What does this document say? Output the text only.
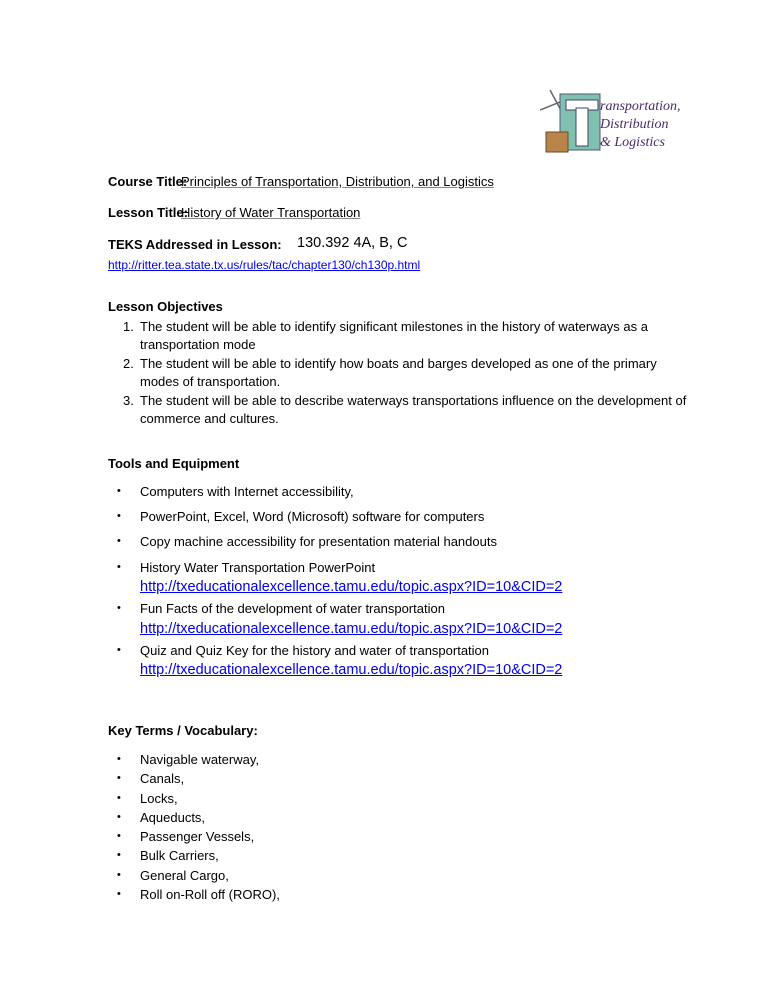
ransportation,
Distribution
& Logistics
Course Title:
Principles of Transportation, Distribution, and Logistics
Lesson Title:
History of Water Transportation
TEKS Addressed in Lesson: 130.392 4A, B, C
http://ritter.tea.state.tx.us/rules/tac/chapter130/ch130p.html
Lesson Objectives
1. The student will be able to identify significant milestones in the history of waterways as a
transportation mode
2. The student will be able to identify how boats and barges developed as one of the primary
modes of transportation.
3. The student will be able to describe waterways transportations influence on the development of
commerce and cultures.
Tools and Equipment
• Computers with Internet accessibility,
• PowerPoint, Excel, Word (Microsoft) software for computers
• Copy machine accessibility for presentation material handouts
• History Water Transportation PowerPoint
http://txeducationalexcellence.tamu.edu/topic.aspx?ID=10&CID=2
• Fun Facts of the development of water transportation
http://txeducationalexcellence.tamu.edu/topic.aspx?ID=10&CID=2
• Quiz and Quiz Key for the history and water of transportation
http://txeducationalexcellence.tamu.edu/topic.aspx?ID=10&CID=2
Key Terms / Vocabulary:
• Navigable waterway,
• Canals,
• Locks,
• Aqueducts,
• Passenger Vessels,
• Bulk Carriers,
• General Cargo,
• Roll on-Roll off (RORO),
